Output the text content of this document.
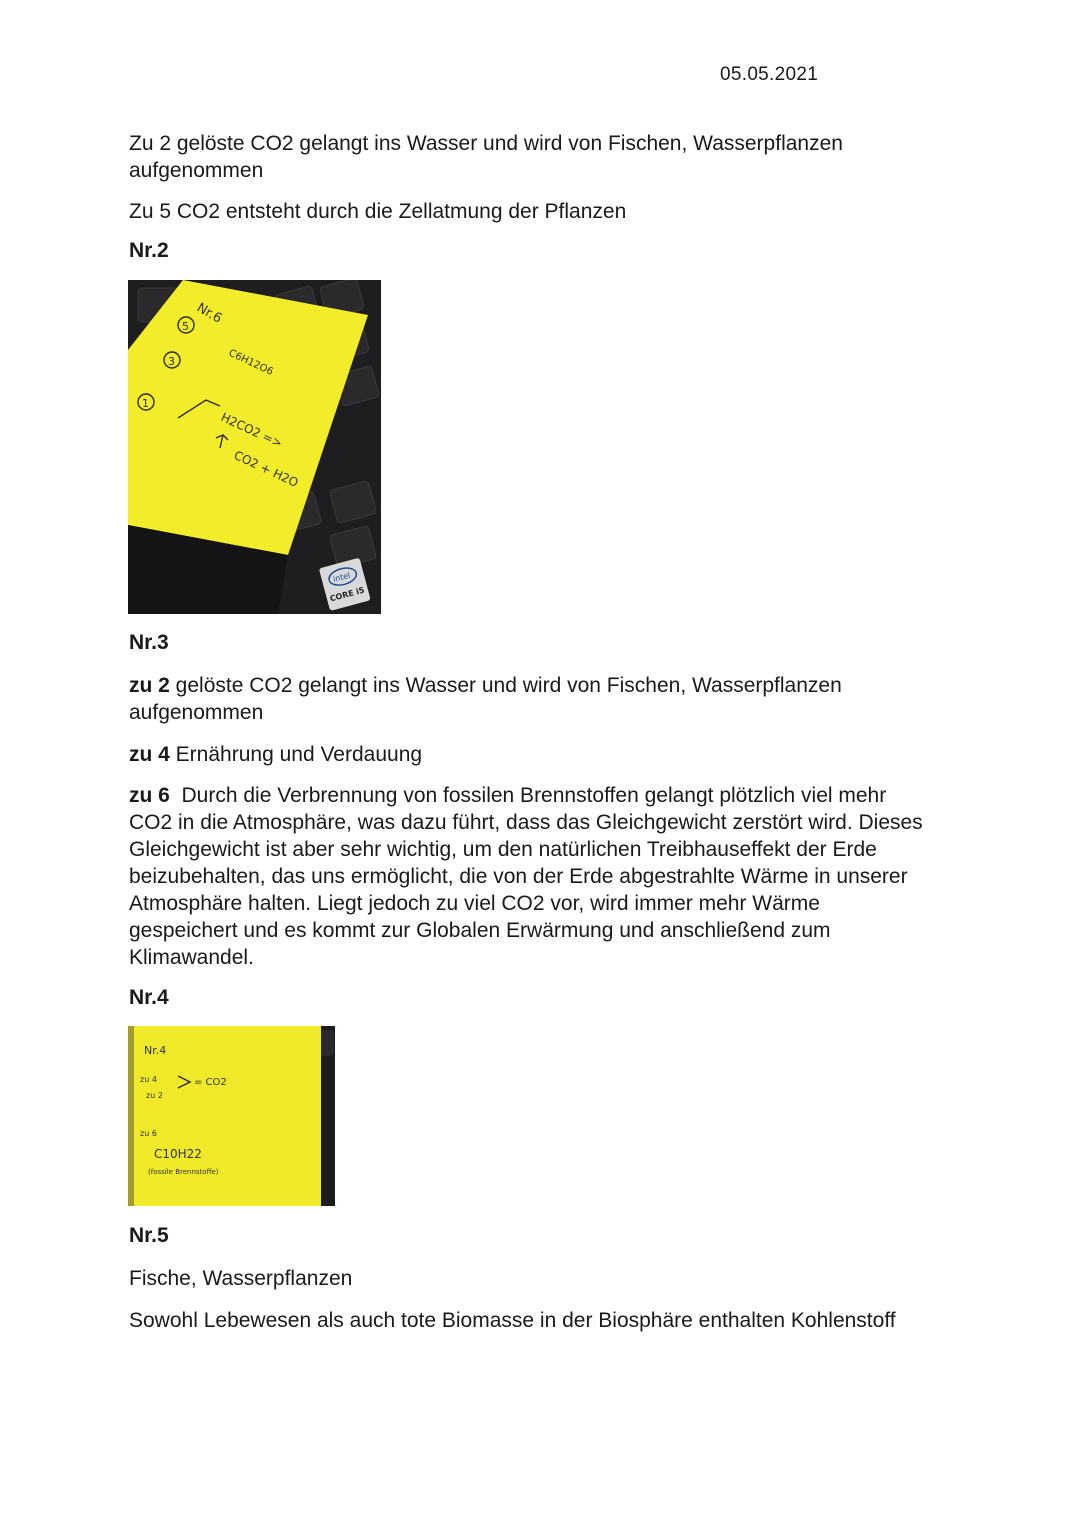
05.05.2021

Zu 2 gelöste CO2 gelangt ins Wasser und wird von Fischen, Wasserpflanzen aufgenommen

Zu 5 CO2 entsteht durch die Zellatmung der Pflanzen

Nr.2

Nr.6
5
3
1
C6H12O6
H2CO2 =>
CO2 + H2O
intel
CORE i5

Nr.3

zu 2 gelöste CO2 gelangt ins Wasser und wird von Fischen, Wasserpflanzen aufgenommen

zu 4 Ernährung und Verdauung

zu 6  Durch die Verbrennung von fossilen Brennstoffen gelangt plötzlich viel mehr CO2 in die Atmosphäre, was dazu führt, dass das Gleichgewicht zerstört wird. Dieses Gleichgewicht ist aber sehr wichtig, um den natürlichen Treibhauseffekt der Erde beizubehalten, das uns ermöglicht, die von der Erde abgestrahlte Wärme in unserer Atmosphäre halten. Liegt jedoch zu viel CO2 vor, wird immer mehr Wärme gespeichert und es kommt zur Globalen Erwärmung und anschließend zum Klimawandel.

Nr.4

Nr.4
zu 4
zu 2
= CO2
zu 6
C10H22
(fossile Brennstoffe)

Nr.5

Fische, Wasserpflanzen

Sowohl Lebewesen als auch tote Biomasse in der Biosphäre enthalten Kohlenstoff
